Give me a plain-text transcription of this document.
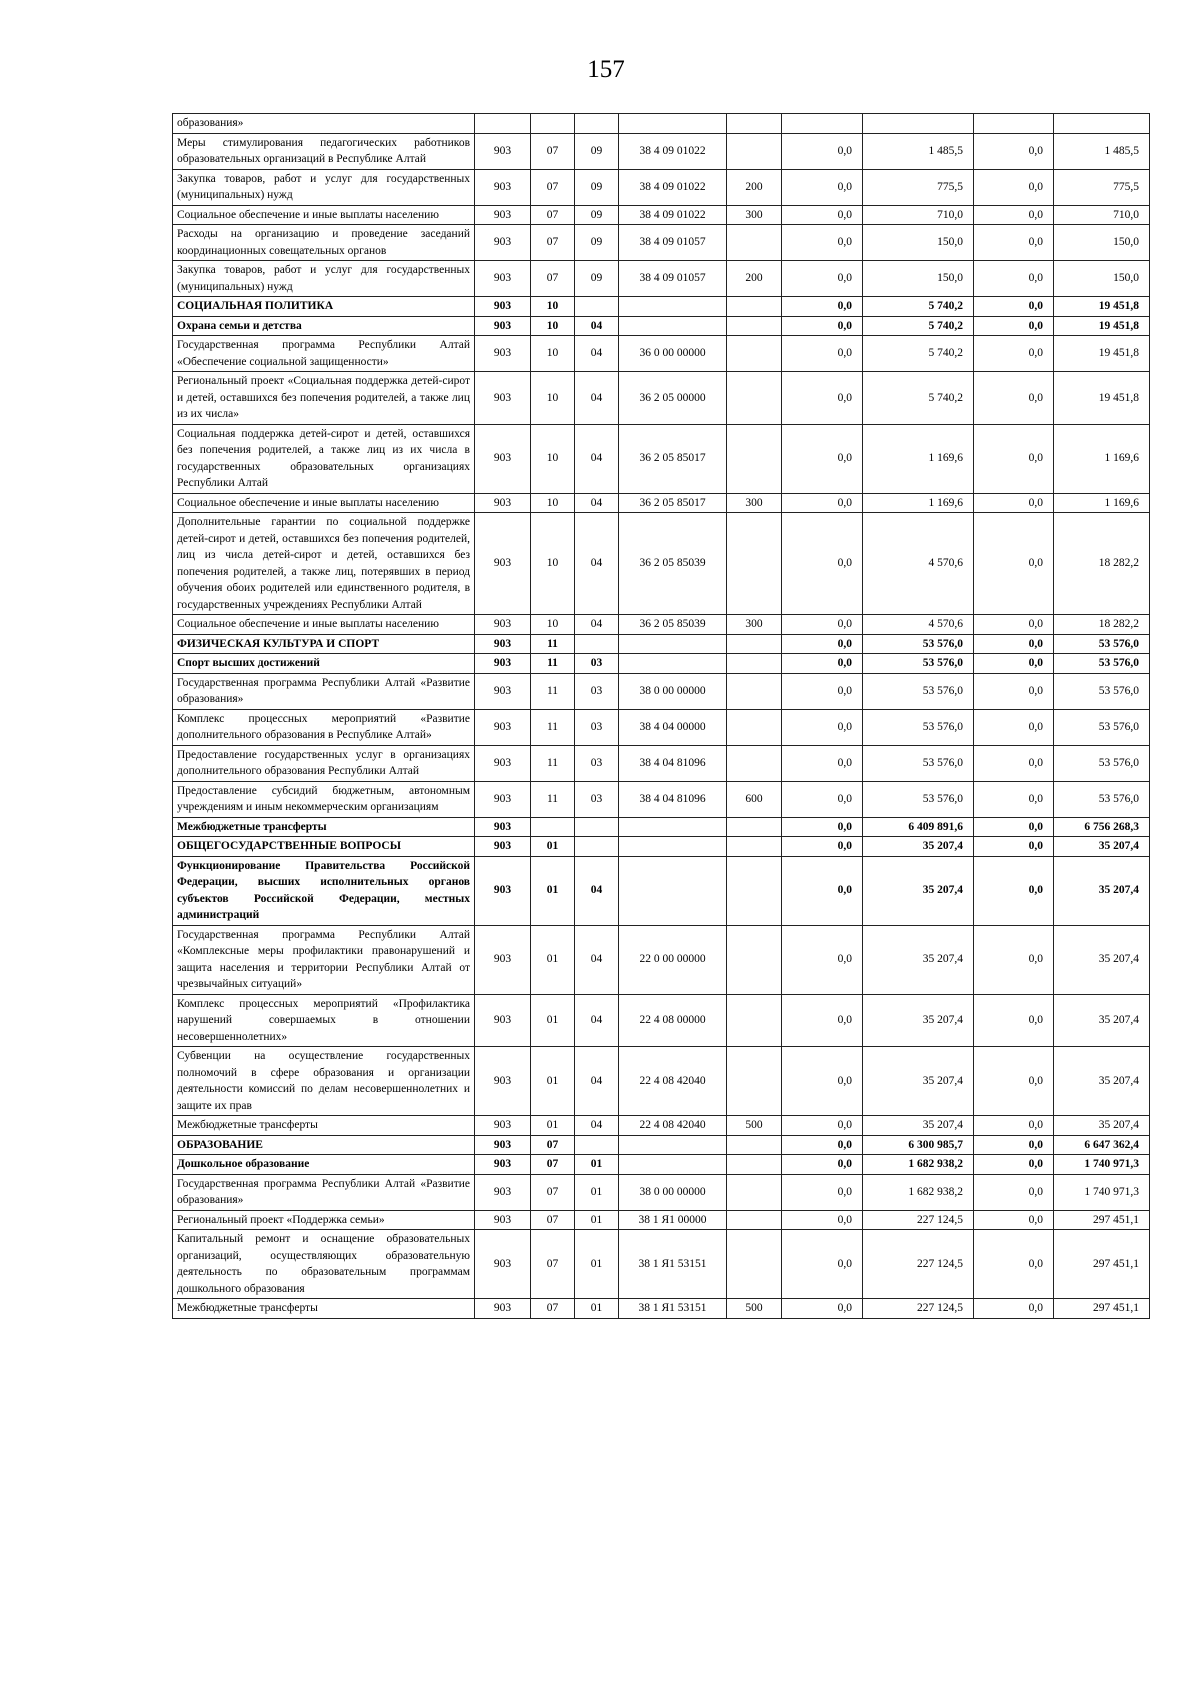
157
образования»									
Меры стимулирования педагогических работников образовательных организаций в Республике Алтай	903	07	09	38 4 09 01022		0,0	1 485,5	0,0	1 485,5
Закупка товаров, работ и услуг для государственных (муниципальных) нужд	903	07	09	38 4 09 01022	200	0,0	775,5	0,0	775,5
Социальное обеспечение и иные выплаты населению	903	07	09	38 4 09 01022	300	0,0	710,0	0,0	710,0
Расходы на организацию и проведение заседаний координационных совещательных органов	903	07	09	38 4 09 01057		0,0	150,0	0,0	150,0
Закупка товаров, работ и услуг для государственных (муниципальных) нужд	903	07	09	38 4 09 01057	200	0,0	150,0	0,0	150,0
СОЦИАЛЬНАЯ ПОЛИТИКА	903	10				0,0	5 740,2	0,0	19 451,8
Охрана семьи и детства	903	10	04			0,0	5 740,2	0,0	19 451,8
Государственная программа Республики Алтай «Обеспечение социальной защищенности»	903	10	04	36 0 00 00000		0,0	5 740,2	0,0	19 451,8
Региональный проект «Социальная поддержка детей-сирот и детей, оставшихся без попечения родителей, а также лиц из их числа»	903	10	04	36 2 05 00000		0,0	5 740,2	0,0	19 451,8
Социальная поддержка детей-сирот и детей, оставшихся без попечения родителей, а также лиц из их числа в государственных образовательных организациях Республики Алтай	903	10	04	36 2 05 85017		0,0	1 169,6	0,0	1 169,6
Социальное обеспечение и иные выплаты населению	903	10	04	36 2 05 85017	300	0,0	1 169,6	0,0	1 169,6
Дополнительные гарантии по социальной поддержке детей-сирот и детей, оставшихся без попечения родителей, лиц из числа детей-сирот и детей, оставшихся без попечения родителей, а также лиц, потерявших в период обучения обоих родителей или единственного родителя, в государственных учреждениях Республики Алтай	903	10	04	36 2 05 85039		0,0	4 570,6	0,0	18 282,2
Социальное обеспечение и иные выплаты населению	903	10	04	36 2 05 85039	300	0,0	4 570,6	0,0	18 282,2
ФИЗИЧЕСКАЯ КУЛЬТУРА И СПОРТ	903	11				0,0	53 576,0	0,0	53 576,0
Спорт высших достижений	903	11	03			0,0	53 576,0	0,0	53 576,0
Государственная программа Республики Алтай «Развитие образования»	903	11	03	38 0 00 00000		0,0	53 576,0	0,0	53 576,0
Комплекс процессных мероприятий «Развитие дополнительного образования в Республике Алтай»	903	11	03	38 4 04 00000		0,0	53 576,0	0,0	53 576,0
Предоставление государственных услуг в организациях дополнительного образования Республики Алтай	903	11	03	38 4 04 81096		0,0	53 576,0	0,0	53 576,0
Предоставление субсидий бюджетным, автономным учреждениям и иным некоммерческим организациям	903	11	03	38 4 04 81096	600	0,0	53 576,0	0,0	53 576,0
Межбюджетные трансферты	903					0,0	6 409 891,6	0,0	6 756 268,3
ОБЩЕГОСУДАРСТВЕННЫЕ ВОПРОСЫ	903	01				0,0	35 207,4	0,0	35 207,4
Функционирование Правительства Российской Федерации, высших исполнительных органов субъектов Российской Федерации, местных администраций	903	01	04			0,0	35 207,4	0,0	35 207,4
Государственная программа Республики Алтай «Комплексные меры профилактики правонарушений и защита населения и территории Республики Алтай от чрезвычайных ситуаций»	903	01	04	22 0 00 00000		0,0	35 207,4	0,0	35 207,4
Комплекс процессных мероприятий «Профилактика нарушений совершаемых в отношении несовершеннолетних»	903	01	04	22 4 08 00000		0,0	35 207,4	0,0	35 207,4
Субвенции на осуществление государственных полномочий в сфере образования и организации деятельности комиссий по делам несовершеннолетних и защите их прав	903	01	04	22 4 08 42040		0,0	35 207,4	0,0	35 207,4
Межбюджетные трансферты	903	01	04	22 4 08 42040	500	0,0	35 207,4	0,0	35 207,4
ОБРАЗОВАНИЕ	903	07				0,0	6 300 985,7	0,0	6 647 362,4
Дошкольное образование	903	07	01			0,0	1 682 938,2	0,0	1 740 971,3
Государственная программа Республики Алтай «Развитие образования»	903	07	01	38 0 00 00000		0,0	1 682 938,2	0,0	1 740 971,3
Региональный проект «Поддержка семьи»	903	07	01	38 1 Я1 00000		0,0	227 124,5	0,0	297 451,1
Капитальный ремонт и оснащение образовательных организаций, осуществляющих образовательную деятельность по образовательным программам дошкольного образования	903	07	01	38 1 Я1 53151		0,0	227 124,5	0,0	297 451,1
Межбюджетные трансферты	903	07	01	38 1 Я1 53151	500	0,0	227 124,5	0,0	297 451,1
